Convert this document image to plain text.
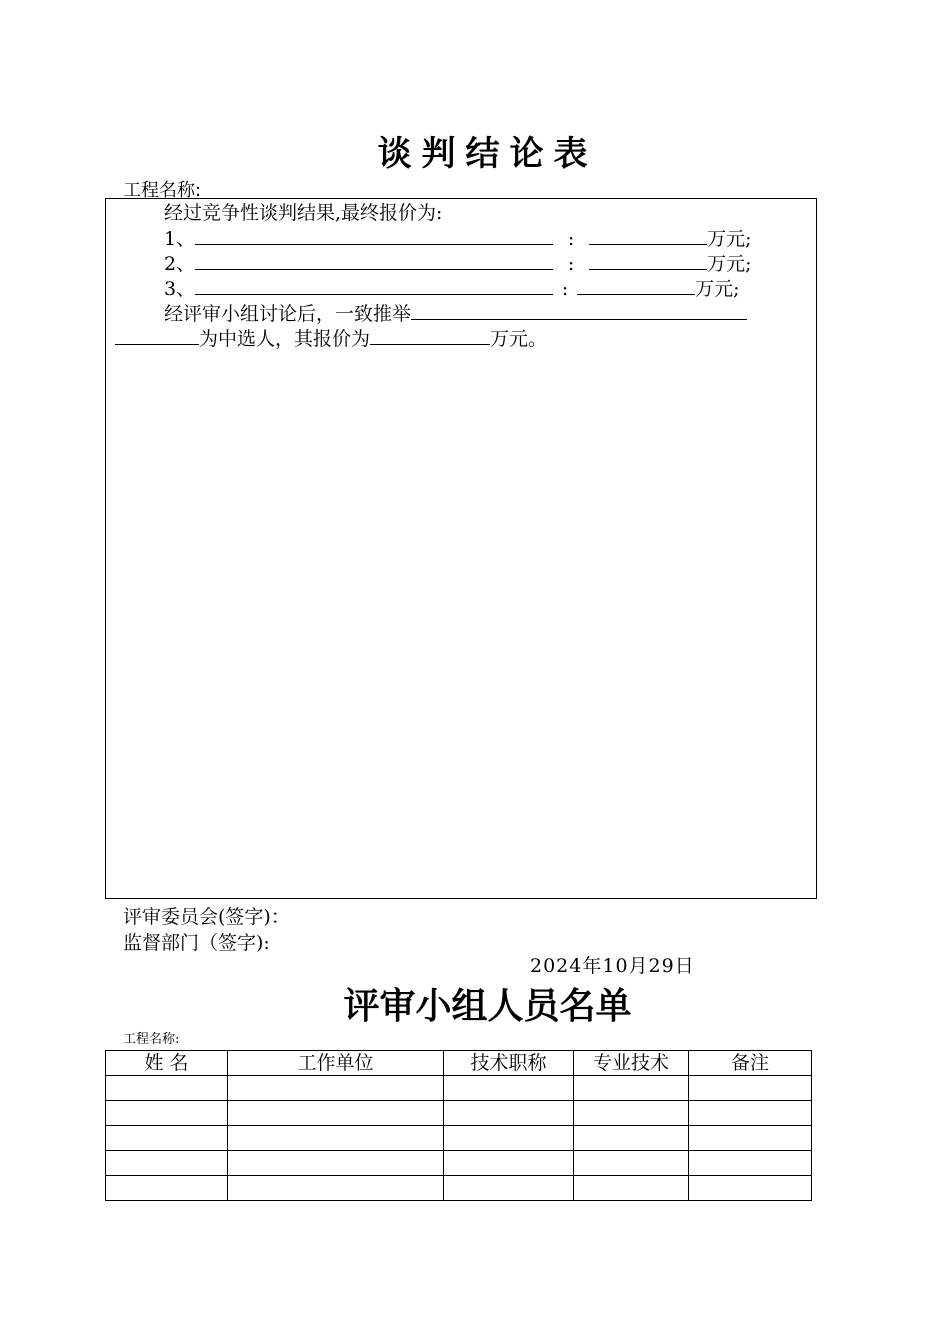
谈判结论表
工程名称:
经过竞争性谈判结果,最终报价为:
1、	:	万元;
2、	:	万元;
3、	:	万元;
经评审小组讨论后，一致推举
为中选人，其报价为	万元。
评审委员会(签字)：
监督部门（签字):
2024年10月29日
评审小组人员名单
工程名称:
姓 名	工作单位	技术职称	专业技术	备注
